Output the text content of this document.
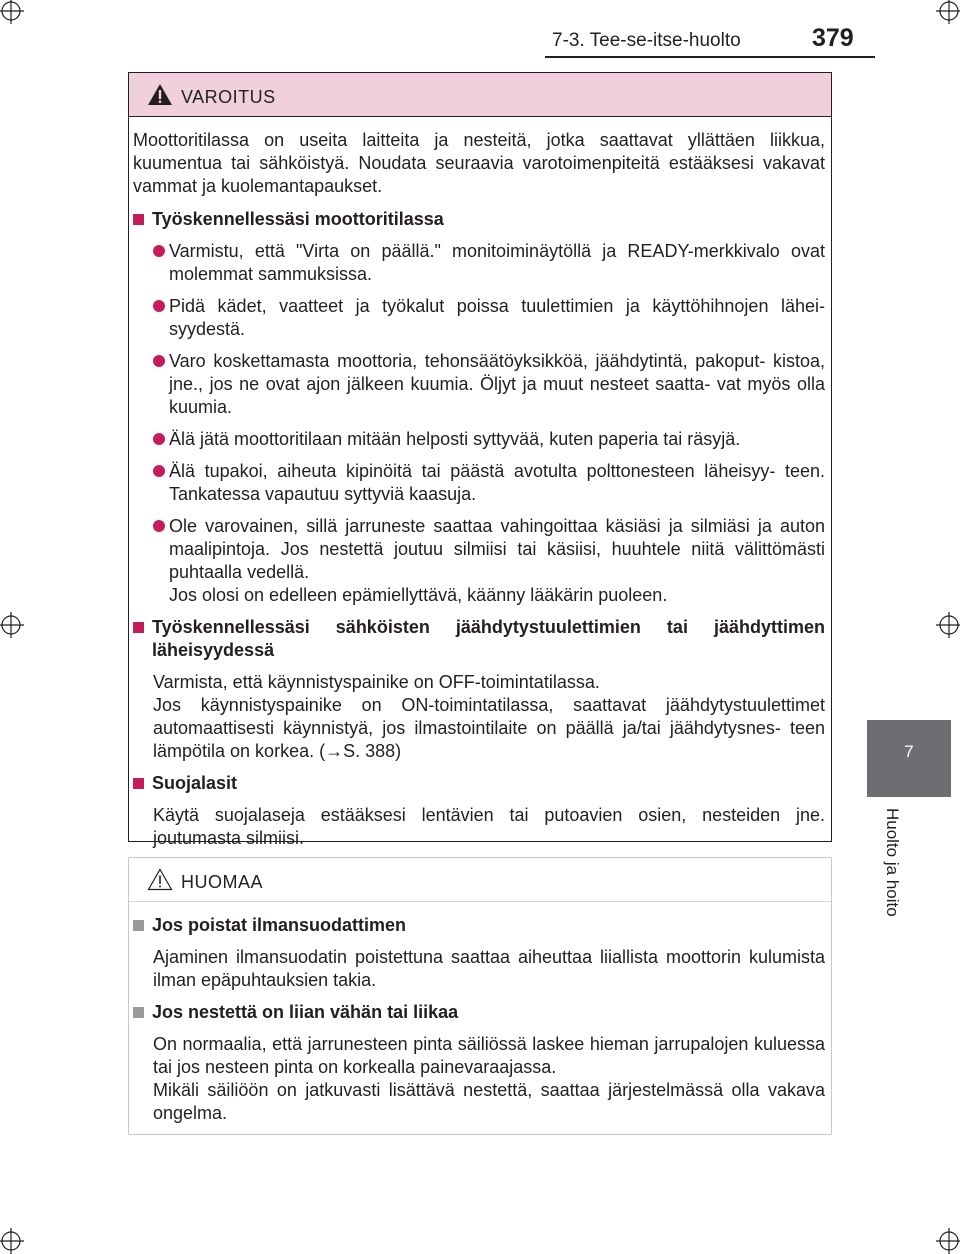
7-3. Tee-se-itse-huolto	379
7
Huolto ja hoito
VAROITUS

Moottoritilassa on useita laitteita ja nesteitä, jotka saattavat yllättäen liikkua, kuumentua tai sähköistyä. Noudata seuraavia varotoimenpiteitä estääksesi vakavat vammat ja kuolemantapaukset.

Työskennellessäsi moottoritilassa
Varmistu, että "Virta on päällä." monitoiminäytöllä ja READY-merkkivalo ovat molemmat sammuksissa.
Pidä kädet, vaatteet ja työkalut poissa tuulettimien ja käyttöhihnojen lähei- syydestä.
Varo koskettamasta moottoria, tehonsäätöyksikköä, jäähdytintä, pakoput- kistoa, jne., jos ne ovat ajon jälkeen kuumia. Öljyt ja muut nesteet saatta- vat myös olla kuumia.
Älä jätä moottoritilaan mitään helposti syttyvää, kuten paperia tai räsyjä.
Älä tupakoi, aiheuta kipinöitä tai päästä avotulta polttonesteen läheisyy- teen. Tankatessa vapautuu syttyviä kaasuja.
Ole varovainen, sillä jarruneste saattaa vahingoittaa käsiäsi ja silmiäsi ja auton maalipintoja. Jos nestettä joutuu silmiisi tai käsiisi, huuhtele niitä välittömästi puhtaalla vedellä.
Jos olosi on edelleen epämiellyttävä, käänny lääkärin puoleen.
Työskennellessäsi sähköisten jäähdytystuulettimien tai jäähdyttimen läheisyydessä

Varmista, että käynnistyspainike on OFF-toimintatilassa.
Jos käynnistyspainike on ON-toimintatilassa, saattavat jäähdytystuulettimet automaattisesti käynnistyä, jos ilmastointilaite on päällä ja/tai jäähdytysnes- teen lämpötila on korkea. (→S. 388)

Suojalasit

Käytä suojalaseja estääksesi lentävien tai putoavien osien, nesteiden jne. joutumasta silmiisi.

HUOMAA
Jos poistat ilmansuodattimen

Ajaminen ilmansuodatin poistettuna saattaa aiheuttaa liiallista moottorin kulumista ilman epäpuhtauksien takia.

Jos nestettä on liian vähän tai liikaa

On normaalia, että jarrunesteen pinta säiliössä laskee hieman jarrupalojen kuluessa tai jos nesteen pinta on korkealla painevaraajassa.
Mikäli säiliöön on jatkuvasti lisättävä nestettä, saattaa järjestelmässä olla vakava ongelma.
